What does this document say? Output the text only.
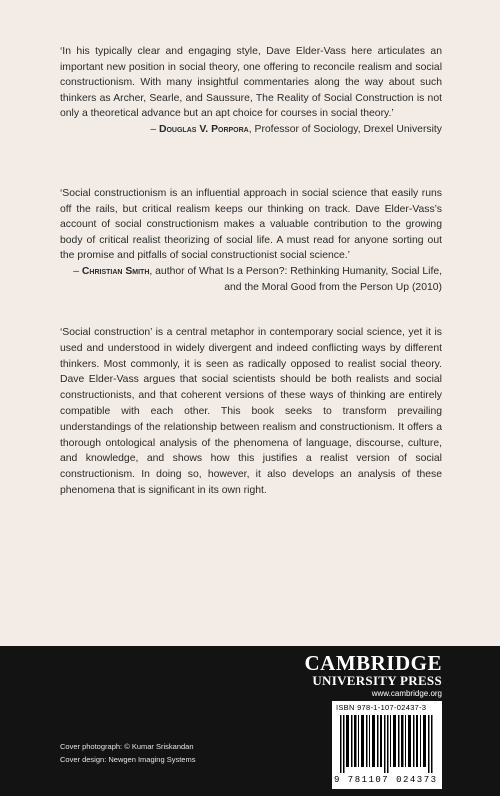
‘In his typically clear and engaging style, Dave Elder-Vass here articulates an important new position in social theory, one offering to reconcile realism and social constructionism. With many insightful commentaries along the way about such thinkers as Archer, Searle, and Saussure, The Reality of Social Construction is not only a theoretical advance but an apt choice for courses in social theory.’
– Douglas V. Porpora, Professor of Sociology, Drexel University
‘Social constructionism is an influential approach in social science that easily runs off the rails, but critical realism keeps our thinking on track. Dave Elder-Vass’s account of social constructionism makes a valuable contribution to the growing body of critical realist theorizing of social life. A must read for anyone sorting out the promise and pitfalls of social constructionist social science.’
– Christian Smith, author of What Is a Person?: Rethinking Humanity, Social Life, and the Moral Good from the Person Up (2010)
‘Social construction’ is a central metaphor in contemporary social science, yet it is used and understood in widely divergent and indeed conflicting ways by different thinkers. Most commonly, it is seen as radically opposed to realist social theory. Dave Elder-Vass argues that social scientists should be both realists and social constructionists, and that coherent versions of these ways of thinking are entirely compatible with each other. This book seeks to transform prevailing understandings of the relationship between realism and constructionism. It offers a thorough ontological analysis of the phenomena of language, discourse, culture, and knowledge, and shows how this justifies a realist version of social constructionism. In doing so, however, it also develops an analysis of these phenomena that is significant in its own right.
CAMBRIDGE
UNIVERSITY PRESS
www.cambridge.org
ISBN 978-1-107-02437-3
9 781107 024373
Cover photograph: © Kumar Sriskandan
Cover design: Newgen Imaging Systems
